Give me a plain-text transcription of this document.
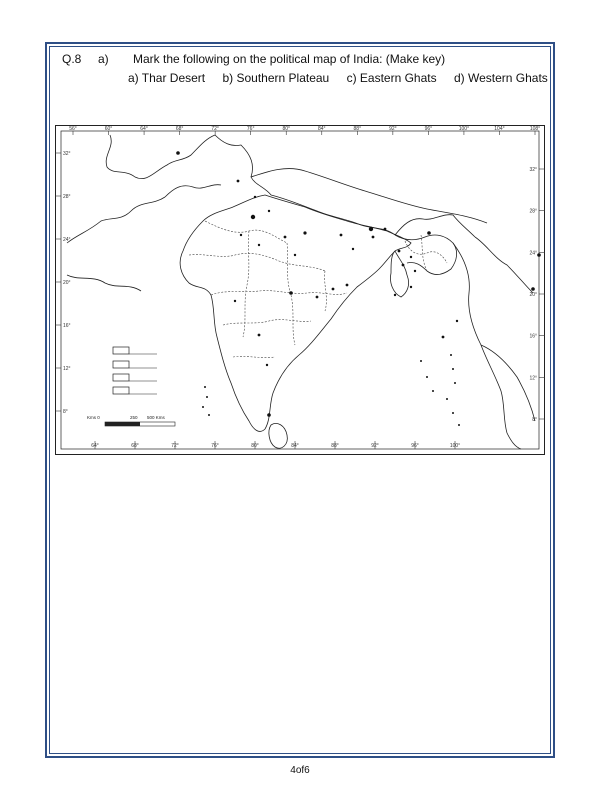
Q.8 a) Mark the following on the political map of India: (Make key)
a) Thar Desert b) Southern Plateau c) Eastern Ghats d) Western Ghats
56°	60°	64°	68°	72°	76°	80°	84°	88°	92°	96°	100°	104°	108°
64°	68°	72°	76°	80°	84°	88°	92°	96°	100°
32°
28°
24°
20°
16°
12°
8°
32°
28°
24°
20°
16°
12°
8°
Kms 0	250 500 Kms
4of6
